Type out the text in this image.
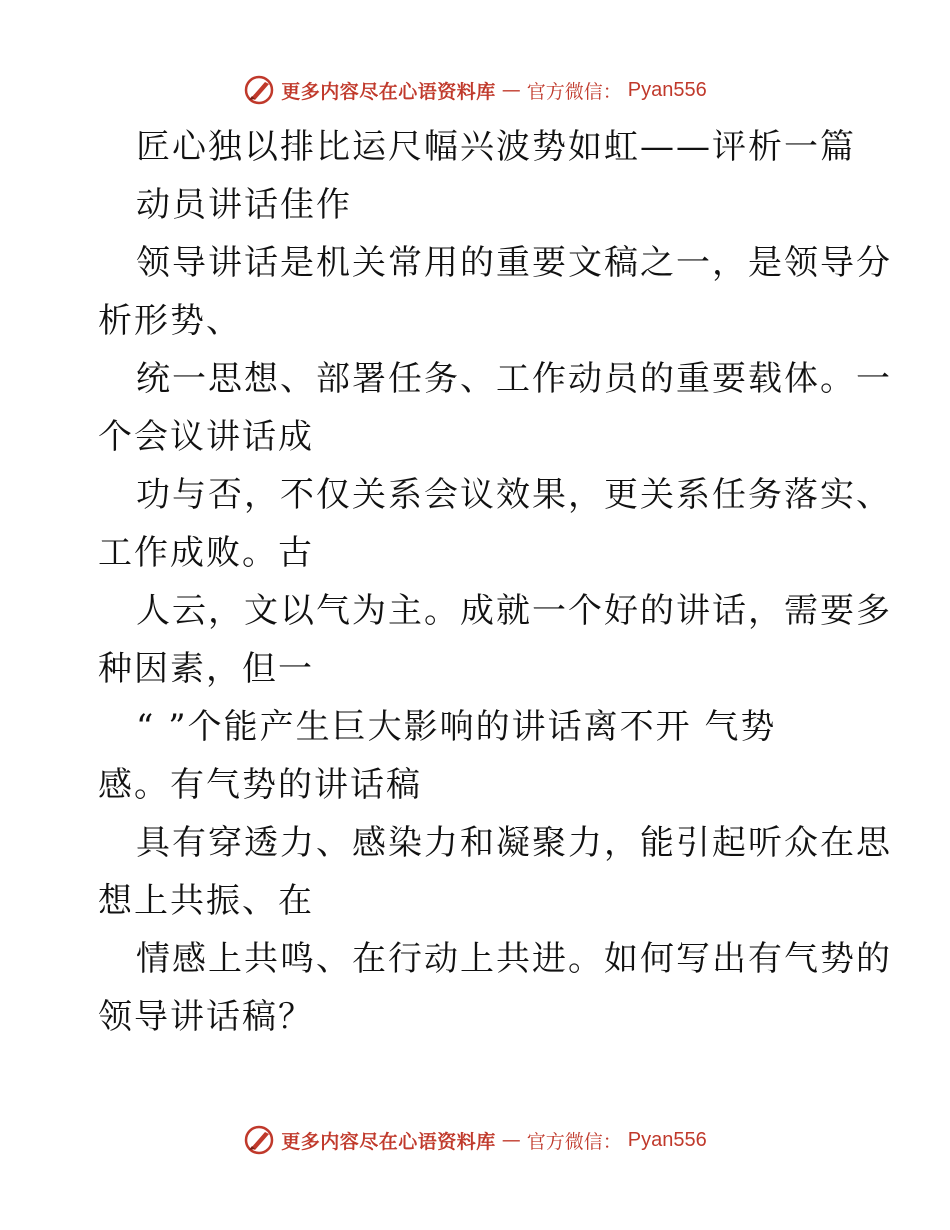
更多内容尽在心语资料库 — 官方微信： Pyan556
匠心独以排比运尺幅兴波势如虹——评析一篇
动员讲话佳作
领导讲话是机关常用的重要文稿之一，是领导分
析形势、
统一思想、部署任务、工作动员的重要载体。一
个会议讲话成
功与否，不仅关系会议效果，更关系任务落实、
工作成败。古
人云，文以气为主。成就一个好的讲话，需要多
种因素，但一
“ ”个能产生巨大影响的讲话离不开 气势
感。有气势的讲话稿
具有穿透力、感染力和凝聚力，能引起听众在思
想上共振、在
情感上共鸣、在行动上共进。如何写出有气势的
领导讲话稿？
更多内容尽在心语资料库 — 官方微信： Pyan556
